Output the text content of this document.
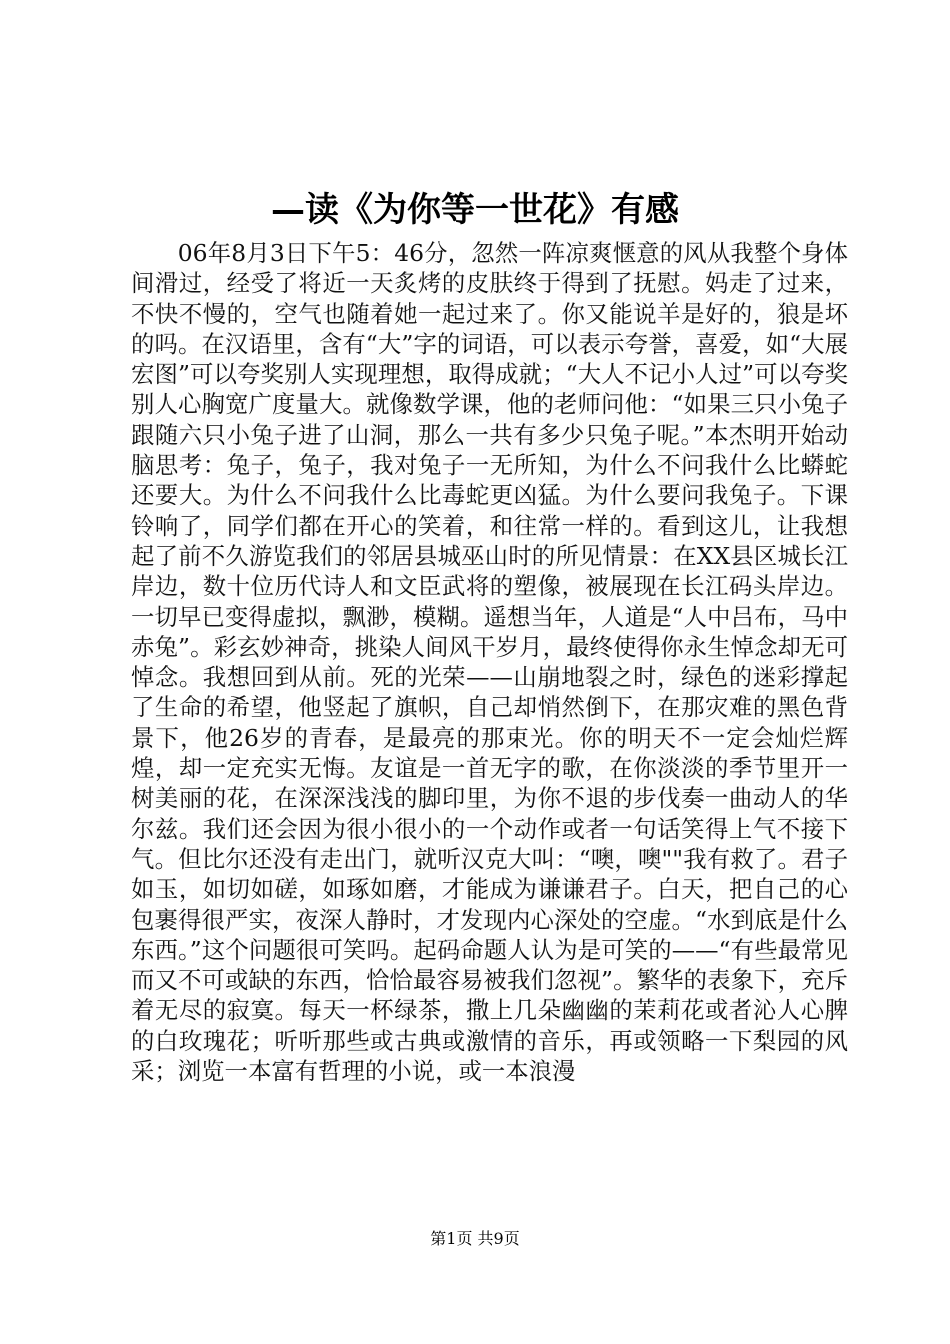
—读《为你等一世花》有感

06年8月3日下午5：46分，忽然一阵凉爽惬意的风从我整个身体间滑过，经受了将近一天炙烤的皮肤终于得到了抚慰。妈走了过来，不快不慢的，空气也随着她一起过来了。你又能说羊是好的，狼是坏的吗。在汉语里，含有“大”字的词语，可以表示夸誉，喜爱，如“大展宏图”可以夸奖别人实现理想，取得成就；“大人不记小人过”可以夸奖别人心胸宽广度量大。就像数学课，他的老师问他：“如果三只小兔子跟随六只小兔子进了山洞，那么一共有多少只兔子呢。”本杰明开始动脑思考：兔子，兔子，我对兔子一无所知，为什么不问我什么比蟒蛇还要大。为什么不问我什么比毒蛇更凶猛。为什么要问我兔子。下课铃响了，同学们都在开心的笑着，和往常一样的。看到这儿，让我想起了前不久游览我们的邻居县城巫山时的所见情景：在XX县区城长江岸边，数十位历代诗人和文臣武将的塑像，被展现在长江码头岸边。一切早已变得虚拟，飘渺，模糊。遥想当年，人道是“人中吕布，马中赤兔”。彩玄妙神奇，挑染人间风干岁月，最终使得你永生悼念却无可悼念。我想回到从前。死的光荣——山崩地裂之时，绿色的迷彩撑起了生命的希望，他竖起了旗帜，自己却悄然倒下，在那灾难的黑色背景下，他26岁的青春，是最亮的那束光。你的明天不一定会灿烂辉煌，却一定充实无悔。友谊是一首无字的歌，在你淡淡的季节里开一树美丽的花，在深深浅浅的脚印里，为你不退的步伐奏一曲动人的华尔兹。我们还会因为很小很小的一个动作或者一句话笑得上气不接下气。但比尔还没有走出门，就听汉克大叫：“噢，噢""我有救了。君子如玉，如切如磋，如琢如磨，才能成为谦谦君子。白天，把自己的心包裹得很严实，夜深人静时，才发现内心深处的空虚。“水到底是什么东西。”这个问题很可笑吗。起码命题人认为是可笑的——“有些最常见而又不可或缺的东西，恰恰最容易被我们忽视”。繁华的表象下，充斥着无尽的寂寞。每天一杯绿茶，撒上几朵幽幽的茉莉花或者沁人心脾的白玫瑰花；听听那些或古典或激情的音乐，再或领略一下梨园的风采；浏览一本富有哲理的小说，或一本浪漫

第1页 共9页
